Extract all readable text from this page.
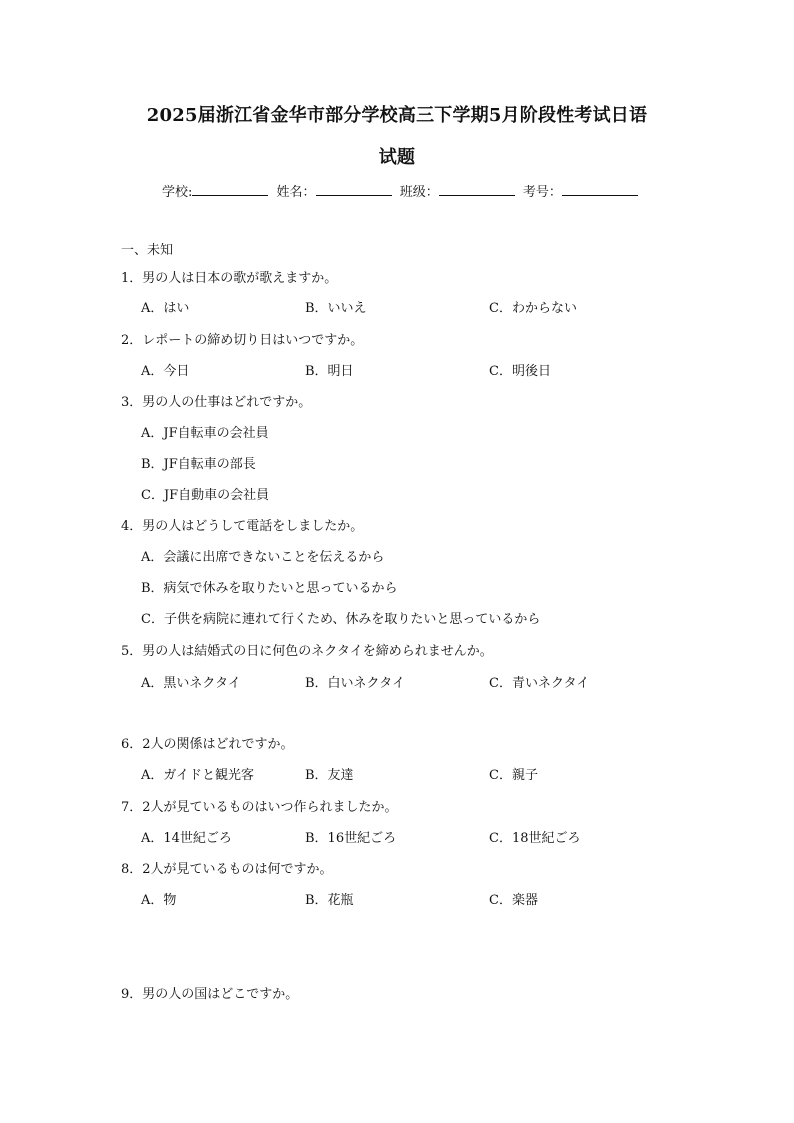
2025届浙江省金华市部分学校高三下学期5月阶段性考试日语
试题
学校:	姓名：	班级：	考号：
一、未知
1．男の人は日本の歌が歌えますか。
A．はい	B．いいえ	C．わからない
2．レポートの締め切り日はいつですか。
A．今日	B．明日	C．明後日
3．男の人の仕事はどれですか。
A．JF自転車の会社員
B．JF自転車の部長
C．JF自動車の会社員
4．男の人はどうして電話をしましたか。
A．会議に出席できないことを伝えるから
B．病気で休みを取りたいと思っているから
C．子供を病院に連れて行くため、休みを取りたいと思っているから
5．男の人は結婚式の日に何色のネクタイを締められませんか。
A．黒いネクタイ	B．白いネクタイ	C．青いネクタイ
6．2人の関係はどれですか。
A．ガイドと観光客	B．友達	C．親子
7．2人が見ているものはいつ作られましたか。
A．14世紀ごろ	B．16世紀ごろ	C．18世紀ごろ
8．2人が見ているものは何ですか。
A．物	B．花瓶	C．楽器
9．男の人の国はどこですか。
